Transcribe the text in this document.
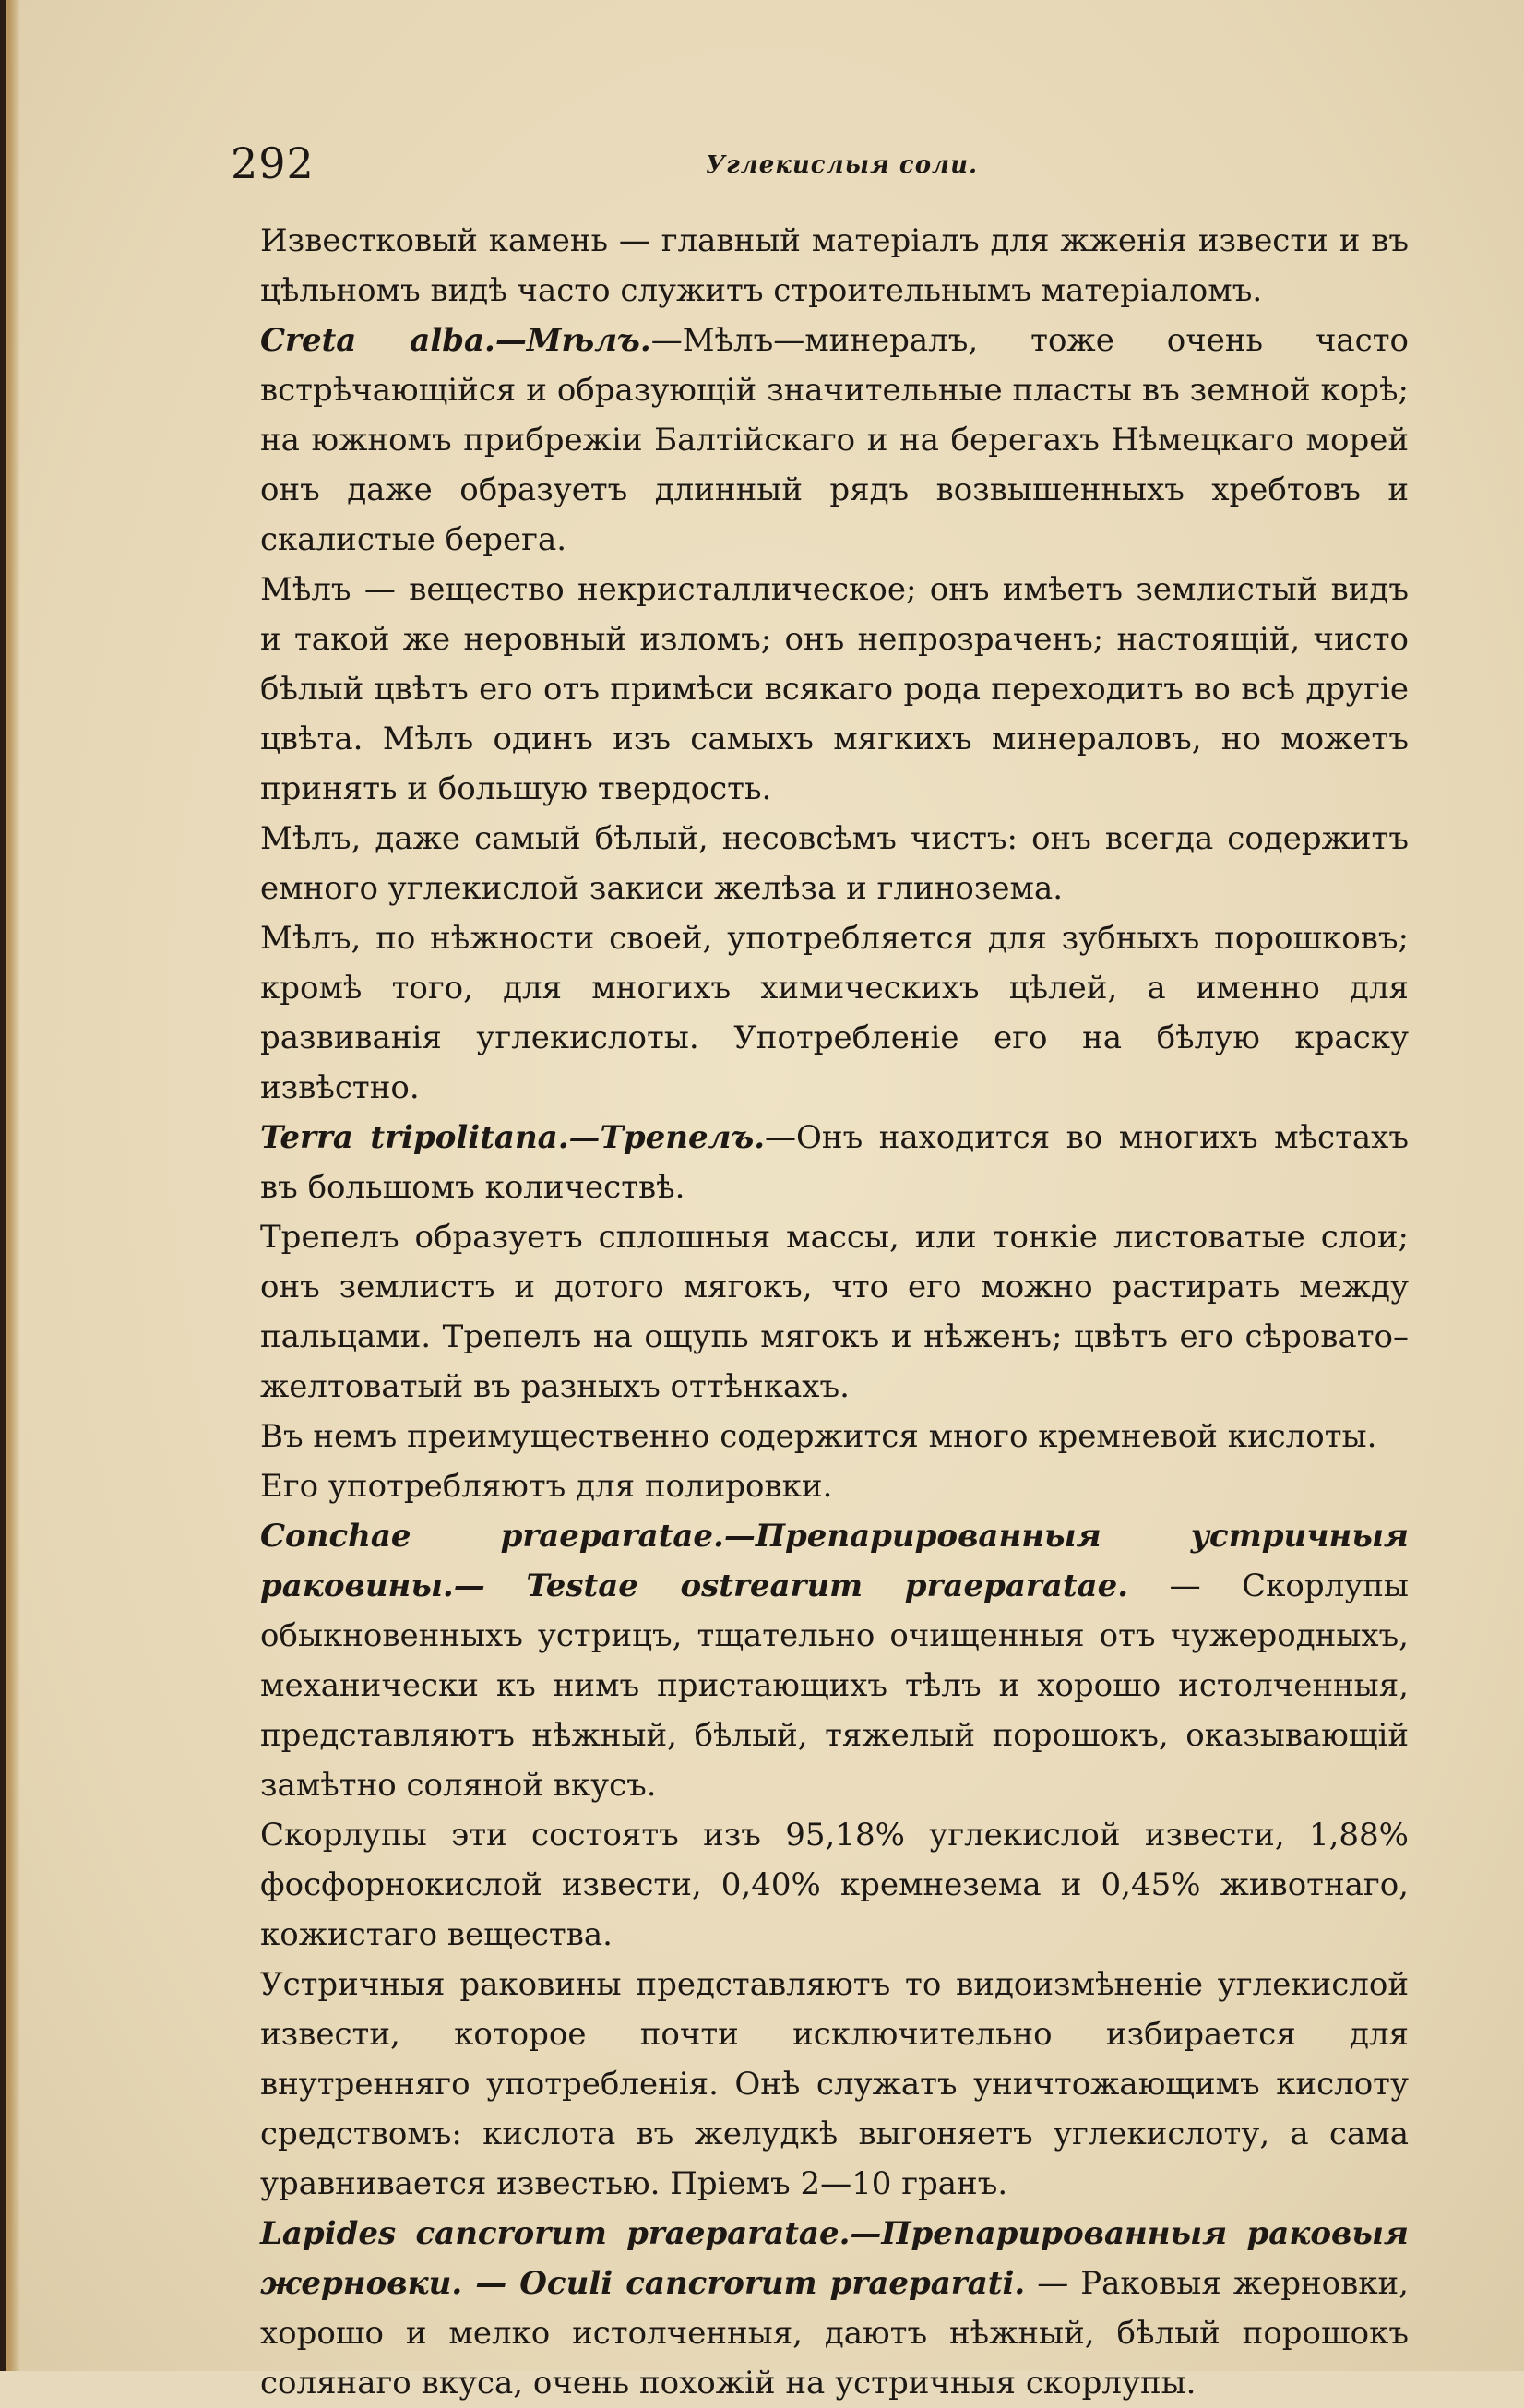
292	Углекислыя соли.

Известковый камень — главный матеріалъ для жженія извести и въ цѣльномъ видѣ часто служитъ строительнымъ матеріаломъ.

Creta alba.—Мѣлъ.—Мѣлъ—минералъ, тоже очень часто встрѣчающійся и образующій значительные пласты въ земной корѣ; на южномъ прибрежіи Балтійскаго и на берегахъ Нѣмецкаго морей онъ даже образуетъ длинный рядъ возвышенныхъ хребтовъ и скалистые берега.

Мѣлъ — вещество некристаллическое; онъ имѣетъ землистый видъ и такой же неровный изломъ; онъ непрозраченъ; настоящій, чисто бѣлый цвѣтъ его отъ примѣси всякаго рода переходитъ во всѣ другіе цвѣта. Мѣлъ одинъ изъ самыхъ мягкихъ минераловъ, но можетъ принять и большую твердость.

Мѣлъ, даже самый бѣлый, несовсѣмъ чистъ: онъ всегда содержитъ емного углекислой закиси желѣза и глинозема.

Мѣлъ, по нѣжности своей, употребляется для зубныхъ порошковъ; кромѣ того, для многихъ химическихъ цѣлей, а именно для развиванія углекислоты. Употребленіе его на бѣлую краску извѣстно.

Terra tripolitana.—Трепелъ.—Онъ находится во многихъ мѣстахъ въ большомъ количествѣ.

Трепелъ образуетъ сплошныя массы, или тонкіе листоватые слои; онъ землистъ и дотого мягокъ, что его можно растирать между пальцами. Трепелъ на ощупь мягокъ и нѣженъ; цвѣтъ его сѣровато–желтоватый въ разныхъ оттѣнкахъ.

Въ немъ преимущественно содержится много кремневой кислоты.

Его употребляютъ для полировки.

Conchae praeparatae.—Препарированныя устричныя раковины.— Testae ostrearum praeparatae. — Скорлупы обыкновенныхъ устрицъ, тщательно очищенныя отъ чужеродныхъ, механически къ нимъ пристающихъ тѣлъ и хорошо истолченныя, представляютъ нѣжный, бѣлый, тяжелый порошокъ, оказывающій замѣтно соляной вкусъ.

Скорлупы эти состоятъ изъ 95,18% углекислой извести, 1,88% фосфорнокислой извести, 0,40% кремнезема и 0,45% животнаго, кожистаго вещества.

Устричныя раковины представляютъ то видоизмѣненіе углекислой извести, которое почти исключительно избирается для внутренняго употребленія. Онѣ служатъ уничтожающимъ кислоту средствомъ: кислота въ желудкѣ выгоняетъ углекислоту, а сама уравнивается известью. Пріемъ 2—10 гранъ.

Lapides cancrorum praeparatae.—Препарированныя раковыя жерновки. — Oculi cancrorum praeparati. — Раковыя жерновки, хорошо и мелко истолченныя, даютъ нѣжный, бѣлый порошокъ солянаго вкуса, очень похожій на устричныя скорлупы.
